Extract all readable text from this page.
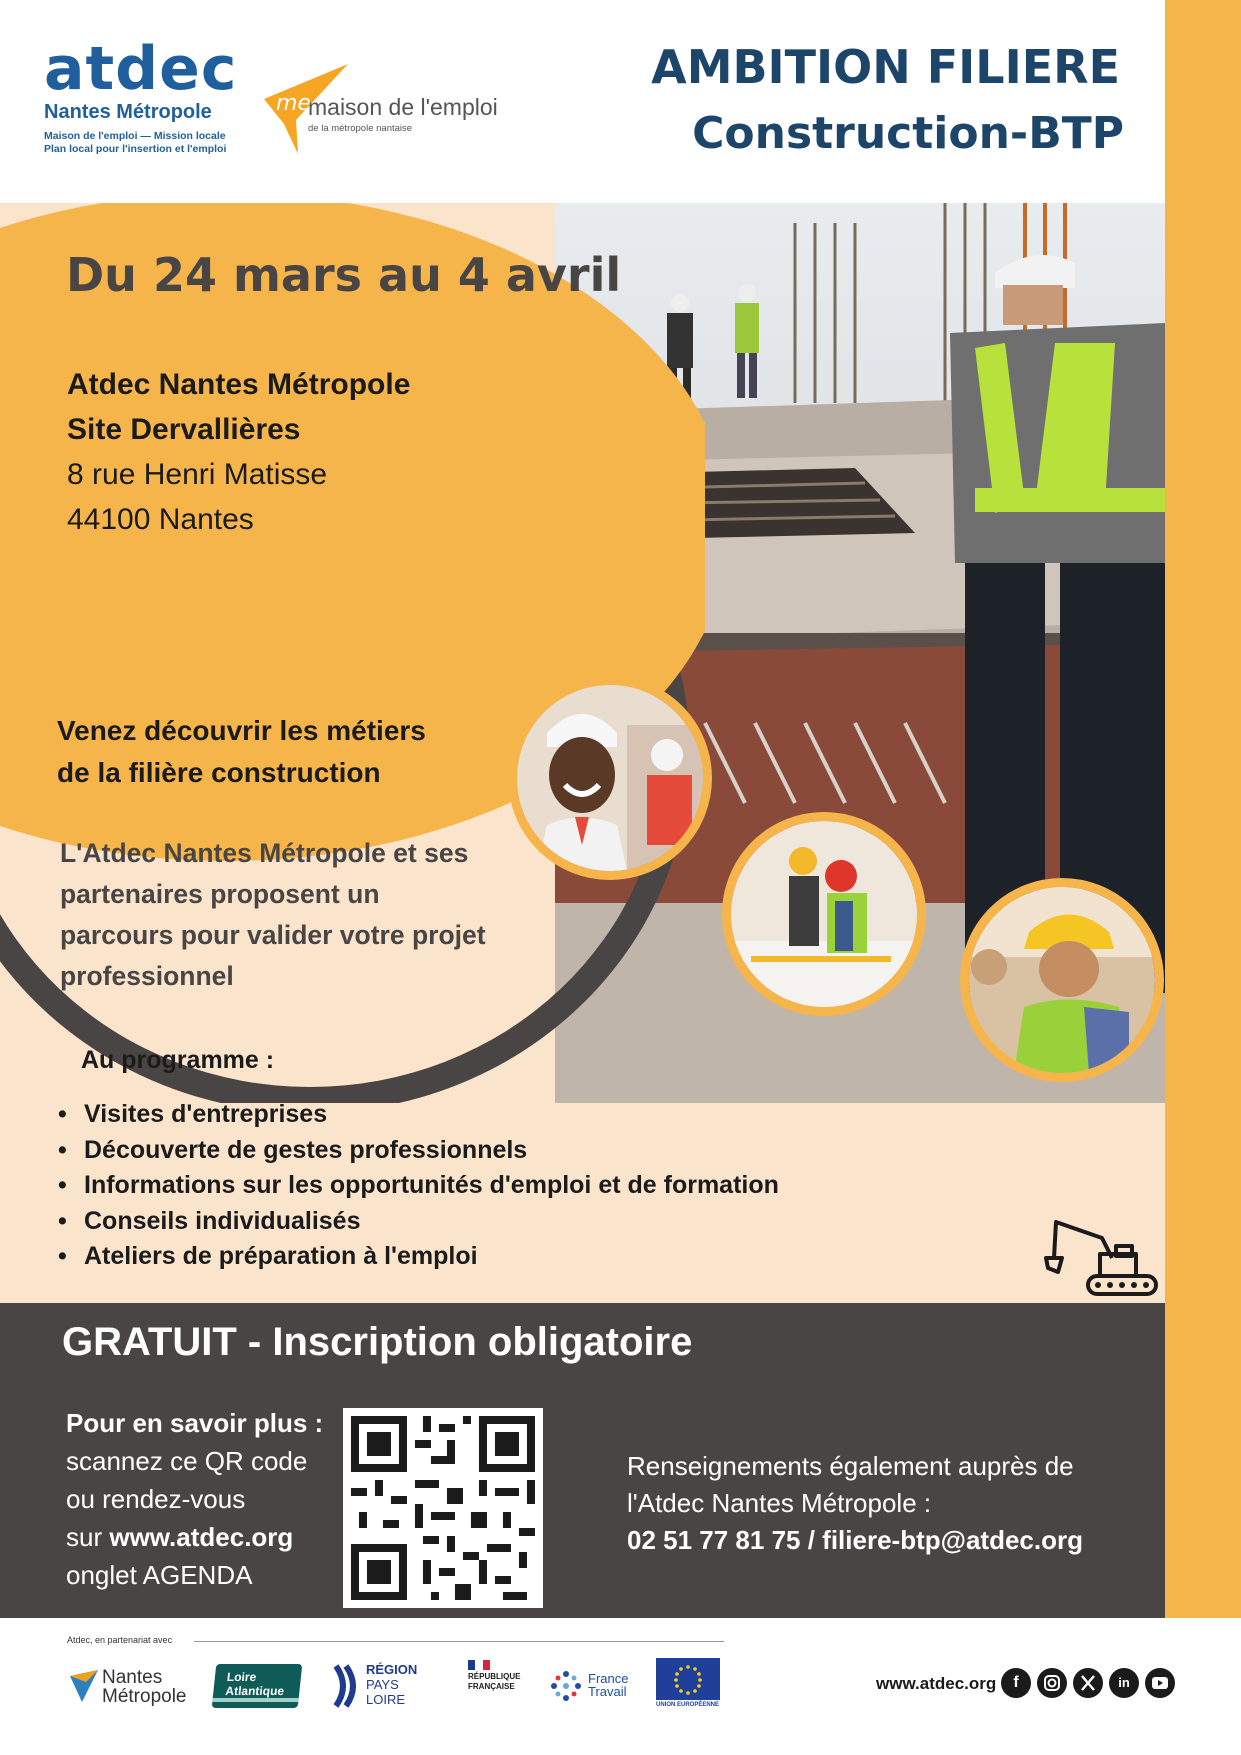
atdec
Nantes Métropole
Maison de l'emploi — Mission locale
Plan local pour l'insertion et l'emploi
me
maison de l'emploi
de la métropole nantaise
AMBITION FILIERE
Construction-BTP
Du 24 mars au 4 avril
Atdec Nantes Métropole
Site Dervallières
8 rue Henri Matisse
44100 Nantes
Venez découvrir les métiers
de la filière construction
L'Atdec Nantes Métropole et ses
partenaires proposent un
parcours pour valider votre projet
professionnel
Au programme :
• Visites d'entreprises
• Découverte de gestes professionnels
• Informations sur les opportunités d'emploi et de formation
• Conseils individualisés
• Ateliers de préparation à l'emploi
GRATUIT - Inscription obligatoire
Pour en savoir plus :
scannez ce QR code
ou rendez-vous
sur www.atdec.org
onglet AGENDA
Renseignements également auprès de
l'Atdec Nantes Métropole :
02 51 77 81 75 / filiere-btp@atdec.org
Atdec, en partenariat avec
Nantes
Métropole
Loire
Atlantique
RÉGION
PAYS
LOIRE
RÉPUBLIQUE
FRANÇAISE
France
Travail
UNION EUROPÉENNE
www.atdec.org	f	in
